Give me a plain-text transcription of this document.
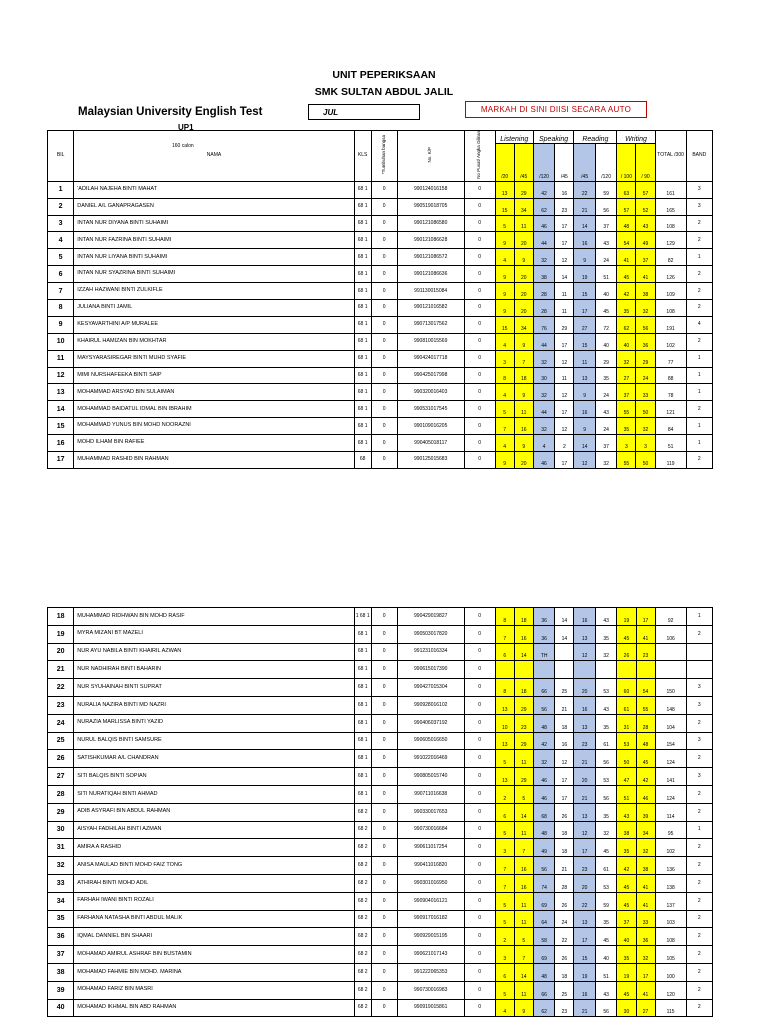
UNIT PEPERIKSAAN
SMK SULTAN ABDUL JALIL
Malaysian University English Test	JUL	MARKAH DI SINI DIISI SECARA AUTO
UP1
160 calon
BIL	NAMA	KLS	*Tumbuhan bangsa	No. K/P	No Pusat/ Angka Giliran	Listening		Speaking		Reading		Writing		TOTAL /300	BAND
						/20	/45	/120	/45	/45	/120	/ 100	/ 90		
1	'ADILAH NAJEHA BINTI MAHAT	68 1	0	990124016158	0	13	29	42	16	22	59	63	57	161	3
2	DANIEL A/L GANAPRAGASEN	68 1	0	990519018705	0	15	34	62	23	21	56	57	52	165	3
3	INTAN NUR DIYANA BINTI SUHAIMI	68 1	0	990121086580	0	5	11	46	17	14	37	48	43	108	2
4	INTAN NUR FAZRINA BINTI SUHAIMI	68 1	0	990121086628	0	9	20	44	17	16	43	54	49	129	2
5	INTAN NUR LIYANA BINTI SUHAIMI	68 1	0	990121086572	0	4	9	32	12	9	24	41	37	82	1
6	INTAN NUR SYAZRINA BINTI SUHAIMI	68 1	0	990121086636	0	9	20	38	14	19	51	45	41	126	2
7	IZZAH HAZWANI BINTI ZULKIFLE	68 1	0	991130015084	0	9	20	28	11	15	40	42	38	109	2
8	JULIANA BINTI JAMIL	68 1	0	990121016582	0	9	20	28	11	17	45	35	32	108	2
9	KESYAVARTHINI A/P MURALEE	68 1	0	990713017562	0	15	34	76	29	27	72	62	56	191	4
10	KHAIRUL HAMIZAN BIN MOKHTAR	68 1	0	990810015569	0	4	9	44	17	15	40	40	36	102	2
11	MAYSYARASIREGAR BINTI MUHD SYAFIE	68 1	0	990424017718	0	3	7	32	12	11	29	32	29	77	1
12	MIMI NURSHAFEEKA BINTI SAIP	68 1	0	990425017998	0	8	18	30	11	13	35	27	24	88	1
13	MOHAMMAD ARSYAD BIN SULAIMAN	68 1	0	990320016403	0	4	9	32	12	9	24	37	33	78	1
14	MOHAMMAD BAIDATUL IDMAL BIN IBRAHIM	68 1	0	990531017545	0	5	11	44	17	16	43	55	50	121	2
15	MOHAMMAD YUNUS BIN MOHD NOORAZNI	68 1	0	990109016205	0	7	16	32	12	9	24	35	32	84	1
16	MOHD ILHAM BIN RAFIEE	68 1	0	990405018117	0	4	9	4	2	14	37	3	3	51	1
17	MUHAMMAD RASHID BIN RAHMAN	68	0	990125015683	0	9	20	46	17	12	32	55	50	119	2
18	MUHAMMAD RIDHWAN BIN MOHD RASIF	1 68 1	0	990429019827	0	8	18	36	14	16	43	19	17	92	1
19	MYRA MIZANI BT MAZELI	68 1	0	990503017820	0	7	16	36	14	13	35	45	41	106	2
20	NUR AYU NABILA BINTI KHAIRIL AZWAN	68 1	0	991231016334	0	6	14	TH		12	32	26	23		
21	NUR NADHIRAH BINTI BAHARIN	68 1	0	990615017390	0										
22	NUR SYUHAINAH BINTI SUPRAT	68 1	0	990427015304	0	8	18	66	25	20	53	60	54	150	3
23	NURALIA NAZIRA BINTI MD NAZRI	68 1	0	990928016102	0	13	29	56	21	16	43	61	55	148	3
24	NURAZIA MARLISSA BINTI YAZID	68 1	0	990406037192	0	10	23	48	18	13	35	31	28	104	2
25	NURUL BALQIS BINTI SAMSURE	68 1	0	990605016650	0	13	29	42	16	23	61	53	48	154	3
26	SATISHKUMAR A/L CHANDRAN	68 1	0	991022016469	0	5	11	32	12	21	56	50	45	124	2
27	SITI BALQIS BINTI SOPIAN	68 1	0	990805015740	0	13	29	46	17	20	53	47	42	141	3
28	SITI NURATIQAH BINTI AHMAD	68 1	0	990711016638	0	2	5	46	17	21	56	51	46	124	2
29	ADIB ASYRAFI BIN ABDUL RAHMAN	68 2	0	990330017653	0	6	14	68	26	13	35	43	39	114	2
30	AISYAH FADHILAH BINTI AZMAN	68 2	0	990730016684	0	5	11	48	18	12	32	38	34	95	1
31	AMIRA A RASHID	68 2	0	990611017254	0	3	7	49	18	17	45	35	32	102	2
32	ANISA MAULAD BINTI MOHD FAIZ TONG	68 2	0	990411016820	0	7	16	56	21	23	61	42	38	136	2
33	ATHIRAH BINTI MOHD ADIL	68 2	0	990301016950	0	7	16	74	28	20	53	45	41	138	2
34	FARHAH IWANI BINTI ROZALI	68 2	0	990904016121	0	5	11	69	26	22	59	45	41	137	2
35	FARHANA NATASHA BINTI ABDUL MALIK	68 2	0	990917016182	0	5	11	64	24	13	35	37	33	103	2
36	IQMAL DANNIEL BIN SHAARI	68 2	0	990929015195	0	2	5	58	22	17	45	40	36	108	2
37	MOHAMAD AMIRUL ASHRAF BIN BUSTAMIN	68 2	0	990621017143	0	3	7	69	26	15	40	35	32	105	2
38	MOHAMAD FAHMIE BIN MOHD. MARINA	68 2	0	991222065353	0	6	14	48	18	19	51	19	17	100	2
39	MOHAMAD FARIZ BIN MASRI	68 2	0	990730016983	0	5	11	66	25	16	43	45	41	120	2
40	MOHAMAD IKHMAL BIN ABD RAHMAN	68 2	0	990919015861	0	4	9	62	23	21	56	30	27	115	2
